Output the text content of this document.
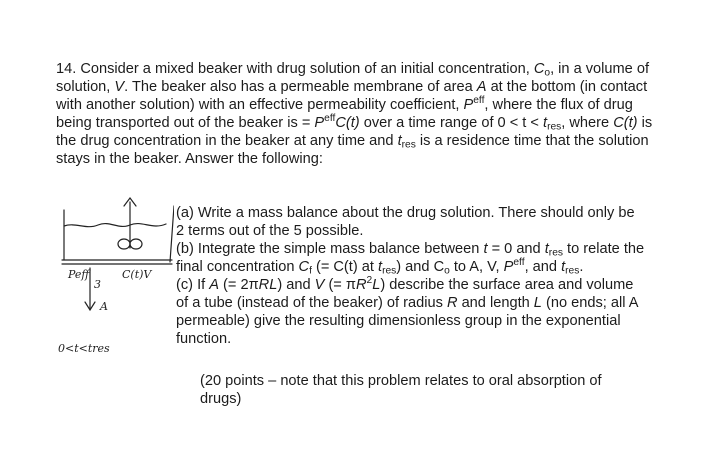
14. Consider a mixed beaker with drug solution of an initial concentration, $C_o$, in a volume of solution, V. The beaker also has a permeable membrane of area A at the bottom (in contact with another solution) with an effective permeability coefficient, $P^{eff}$, where the flux of drug being transported out of the beaker is = $P^{eff}C(t)$ over a time range of $0 < t < t_{res}$, where C(t) is the drug concentration in the beaker at any time and $t_{res}$ is a residence time that the solution stays in the beaker. Answer the following:

Peff
3
C(t)V
A
0<t<tres

(a) Write a mass balance about the drug solution. There should only be 2 terms out of the 5 possible.

(b) Integrate the simple mass balance between t = 0 and $t_{res}$ to relate the final concentration $C_f$ (= C(t) at $t_{res}$) and $C_o$ to A, V, $P^{eff}$, and $t_{res}$.

(c) If A (= 2πRL) and V (= $\pi R^2L$) describe the surface area and volume of a tube (instead of the beaker) of radius R and length L (no ends; all A permeable) give the resulting dimensionless group in the exponential function.

(20 points – note that this problem relates to oral absorption of drugs)
